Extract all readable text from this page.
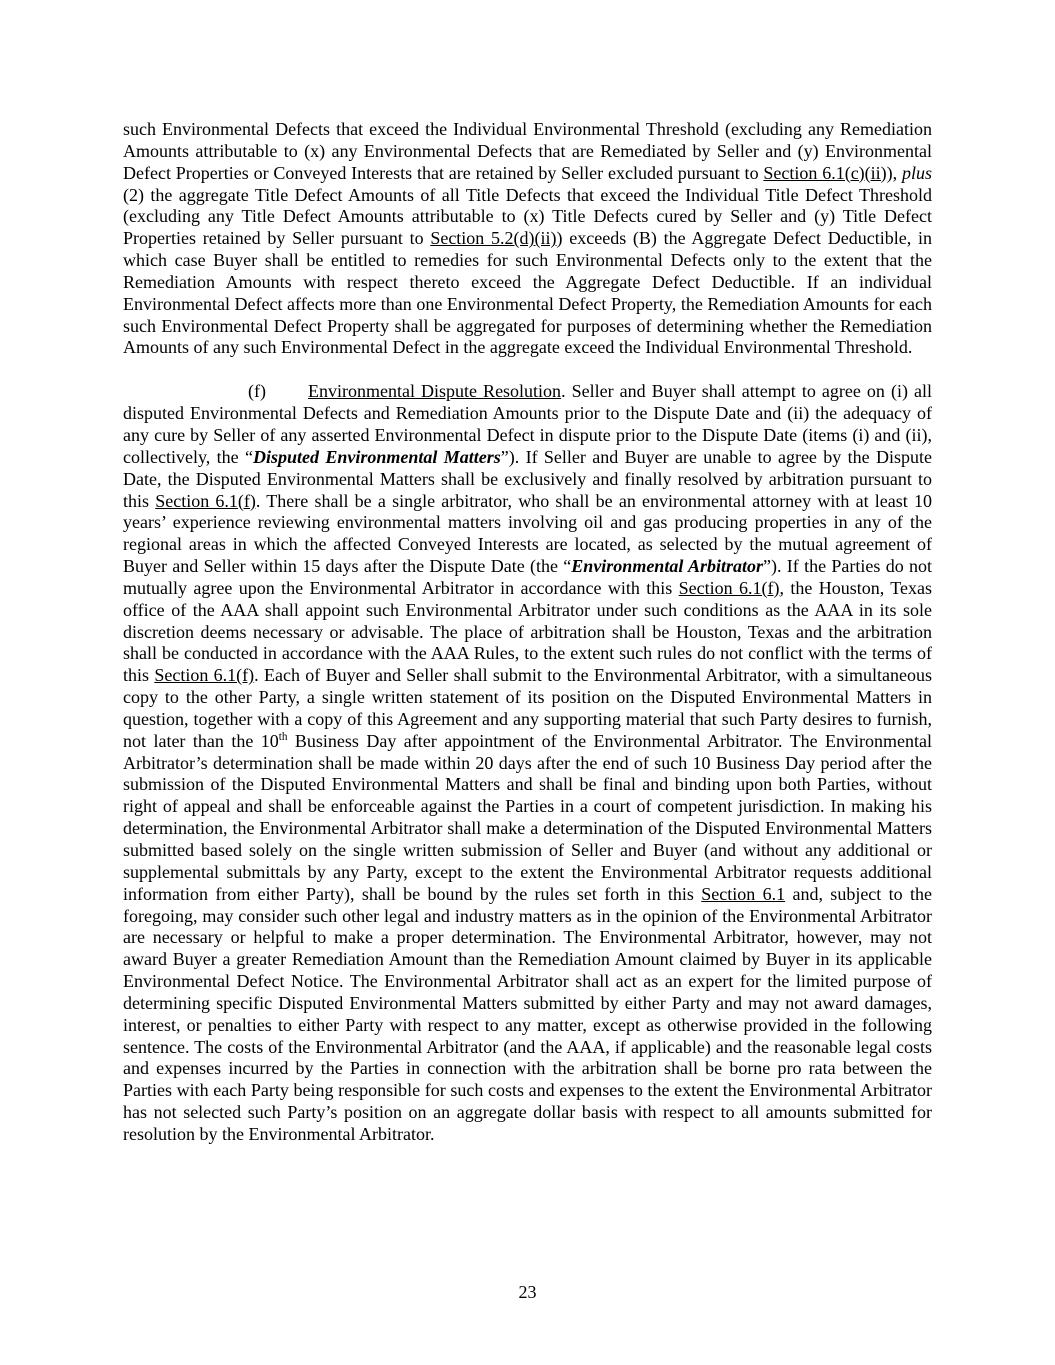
such Environmental Defects that exceed the Individual Environmental Threshold (excluding any Remediation Amounts attributable to (x) any Environmental Defects that are Remediated by Seller and (y) Environmental Defect Properties or Conveyed Interests that are retained by Seller excluded pursuant to Section 6.1(c)(ii)), plus (2) the aggregate Title Defect Amounts of all Title Defects that exceed the Individual Title Defect Threshold (excluding any Title Defect Amounts attributable to (x) Title Defects cured by Seller and (y) Title Defect Properties retained by Seller pursuant to Section 5.2(d)(ii)) exceeds (B) the Aggregate Defect Deductible, in which case Buyer shall be entitled to remedies for such Environmental Defects only to the extent that the Remediation Amounts with respect thereto exceed the Aggregate Defect Deductible. If an individual Environmental Defect affects more than one Environmental Defect Property, the Remediation Amounts for each such Environmental Defect Property shall be aggregated for purposes of determining whether the Remediation Amounts of any such Environmental Defect in the aggregate exceed the Individual Environmental Threshold.

(f) Environmental Dispute Resolution. Seller and Buyer shall attempt to agree on (i) all disputed Environmental Defects and Remediation Amounts prior to the Dispute Date and (ii) the adequacy of any cure by Seller of any asserted Environmental Defect in dispute prior to the Dispute Date (items (i) and (ii), collectively, the “Disputed Environmental Matters”). If Seller and Buyer are unable to agree by the Dispute Date, the Disputed Environmental Matters shall be exclusively and finally resolved by arbitration pursuant to this Section 6.1(f). There shall be a single arbitrator, who shall be an environmental attorney with at least 10 years’ experience reviewing environmental matters involving oil and gas producing properties in any of the regional areas in which the affected Conveyed Interests are located, as selected by the mutual agreement of Buyer and Seller within 15 days after the Dispute Date (the “Environmental Arbitrator”). If the Parties do not mutually agree upon the Environmental Arbitrator in accordance with this Section 6.1(f), the Houston, Texas office of the AAA shall appoint such Environmental Arbitrator under such conditions as the AAA in its sole discretion deems necessary or advisable. The place of arbitration shall be Houston, Texas and the arbitration shall be conducted in accordance with the AAA Rules, to the extent such rules do not conflict with the terms of this Section 6.1(f). Each of Buyer and Seller shall submit to the Environmental Arbitrator, with a simultaneous copy to the other Party, a single written statement of its position on the Disputed Environmental Matters in question, together with a copy of this Agreement and any supporting material that such Party desires to furnish, not later than the 10th Business Day after appointment of the Environmental Arbitrator. The Environmental Arbitrator’s determination shall be made within 20 days after the end of such 10 Business Day period after the submission of the Disputed Environmental Matters and shall be final and binding upon both Parties, without right of appeal and shall be enforceable against the Parties in a court of competent jurisdiction. In making his determination, the Environmental Arbitrator shall make a determination of the Disputed Environmental Matters submitted based solely on the single written submission of Seller and Buyer (and without any additional or supplemental submittals by any Party, except to the extent the Environmental Arbitrator requests additional information from either Party), shall be bound by the rules set forth in this Section 6.1 and, subject to the foregoing, may consider such other legal and industry matters as in the opinion of the Environmental Arbitrator are necessary or helpful to make a proper determination. The Environmental Arbitrator, however, may not award Buyer a greater Remediation Amount than the Remediation Amount claimed by Buyer in its applicable Environmental Defect Notice. The Environmental Arbitrator shall act as an expert for the limited purpose of determining specific Disputed Environmental Matters submitted by either Party and may not award damages, interest, or penalties to either Party with respect to any matter, except as otherwise provided in the following sentence. The costs of the Environmental Arbitrator (and the AAA, if applicable) and the reasonable legal costs and expenses incurred by the Parties in connection with the arbitration shall be borne pro rata between the Parties with each Party being responsible for such costs and expenses to the extent the Environmental Arbitrator has not selected such Party’s position on an aggregate dollar basis with respect to all amounts submitted for resolution by the Environmental Arbitrator.

23
